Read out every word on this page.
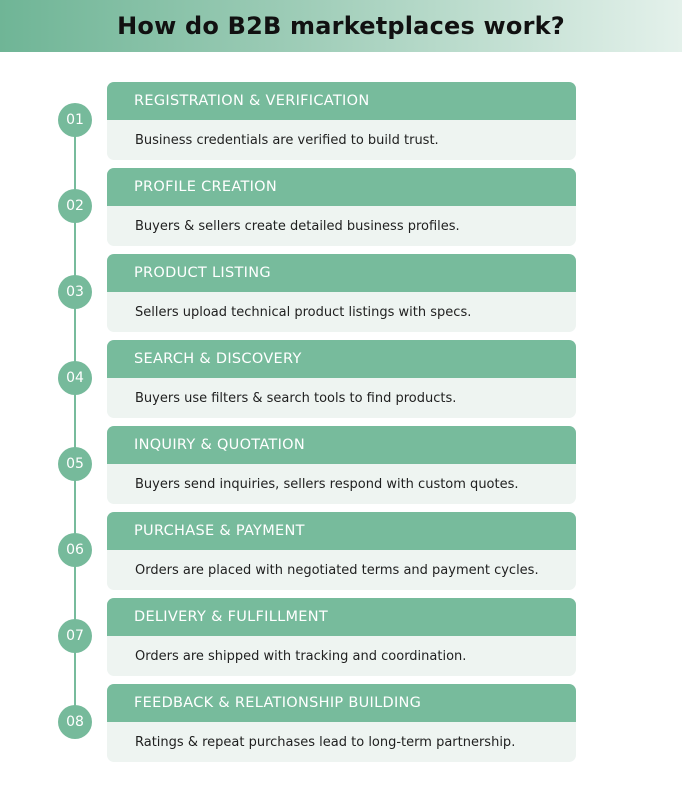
How do B2B marketplaces work?
01
REGISTRATION & VERIFICATION
Business credentials are verified to build trust.
02
PROFILE CREATION
Buyers & sellers create detailed business profiles.
03
PRODUCT LISTING
Sellers upload technical product listings with specs.
04
SEARCH & DISCOVERY
Buyers use filters & search tools to find products.
05
INQUIRY & QUOTATION
Buyers send inquiries, sellers respond with custom quotes.
06
PURCHASE & PAYMENT
Orders are placed with negotiated terms and payment cycles.
07
DELIVERY & FULFILLMENT
Orders are shipped with tracking and coordination.
08
FEEDBACK & RELATIONSHIP BUILDING
Ratings & repeat purchases lead to long-term partnership.
